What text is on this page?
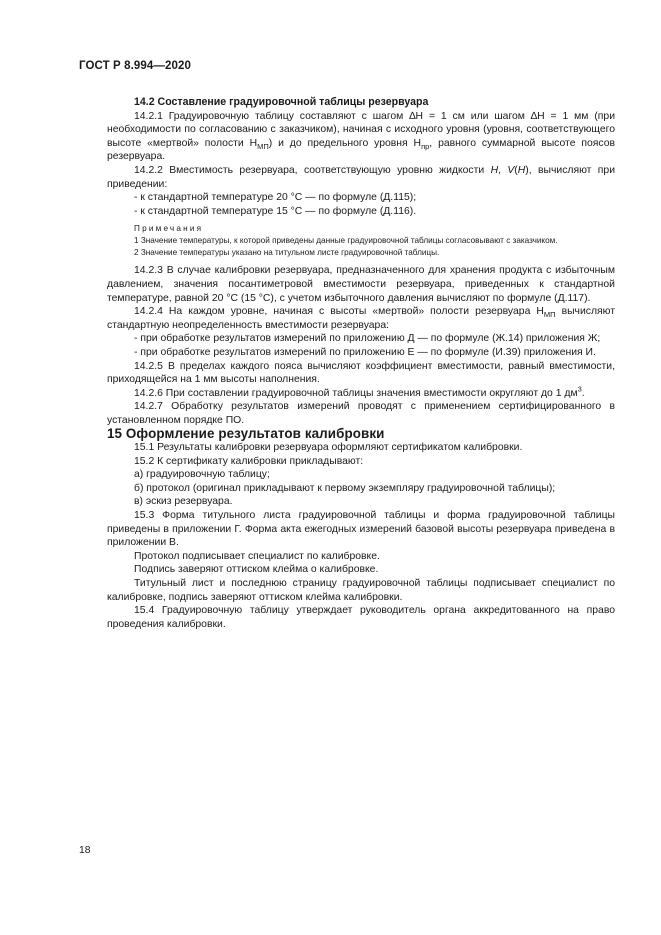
ГОСТ Р 8.994—2020

14.2 Составление градуировочной таблицы резервуара

14.2.1 Градуировочную таблицу составляют с шагом ∆H = 1 см или шагом ∆H = 1 мм (при необходимости по согласованию с заказчиком), начиная с исходного уровня (уровня, соответствующего высоте «мертвой» полости $H_{МП}$) и до предельного уровня $H_{пр}$, равного суммарной высоте поясов резервуара.

14.2.2 Вместимость резервуара, соответствующую уровню жидкости H, V(H), вычисляют при приведении:

- к стандартной температуре 20 °С — по формуле (Д.115);

- к стандартной температуре 15 °С — по формуле (Д.116).

Примечания

1 Значение температуры, к которой приведены данные градуировочной таблицы согласовывают с заказчиком.

2 Значение температуры указано на титульном листе градуировочной таблицы.

14.2.3 В случае калибровки резервуара, предназначенного для хранения продукта с избыточным давлением, значения посантиметровой вместимости резервуара, приведенных к стандартной температуре, равной 20 °С (15 °С), с учетом избыточного давления вычисляют по формуле (Д.117).

14.2.4 На каждом уровне, начиная с высоты «мертвой» полости резервуара $H_{МП}$ вычисляют стандартную неопределенность вместимости резервуара:

- при обработке результатов измерений по приложению Д — по формуле (Ж.14) приложения Ж;

- при обработке результатов измерений по приложению Е — по формуле (И.39) приложения И.

14.2.5 В пределах каждого пояса вычисляют коэффициент вместимости, равный вместимости, приходящейся на 1 мм высоты наполнения.

14.2.6 При составлении градуировочной таблицы значения вместимости округляют до 1 $дм^3$.

14.2.7 Обработку результатов измерений проводят с применением сертифицированного в установленном порядке ПО.

15 Оформление результатов калибровки

15.1 Результаты калибровки резервуара оформляют сертификатом калибровки.

15.2 К сертификату калибровки прикладывают:

а) градуировочную таблицу;

б) протокол (оригинал прикладывают к первому экземпляру градуировочной таблицы);

в) эскиз резервуара.

15.3 Форма титульного листа градуировочной таблицы и форма градуировочной таблицы приведены в приложении Г. Форма акта ежегодных измерений базовой высоты резервуара приведена в приложении В.

Протокол подписывает специалист по калибровке.

Подпись заверяют оттиском клейма о калибровке.

Титульный лист и последнюю страницу градуировочной таблицы подписывает специалист по калибровке, подпись заверяют оттиском клейма калибровки.

15.4 Градуировочную таблицу утверждает руководитель органа аккредитованного на право проведения калибровки.

18
